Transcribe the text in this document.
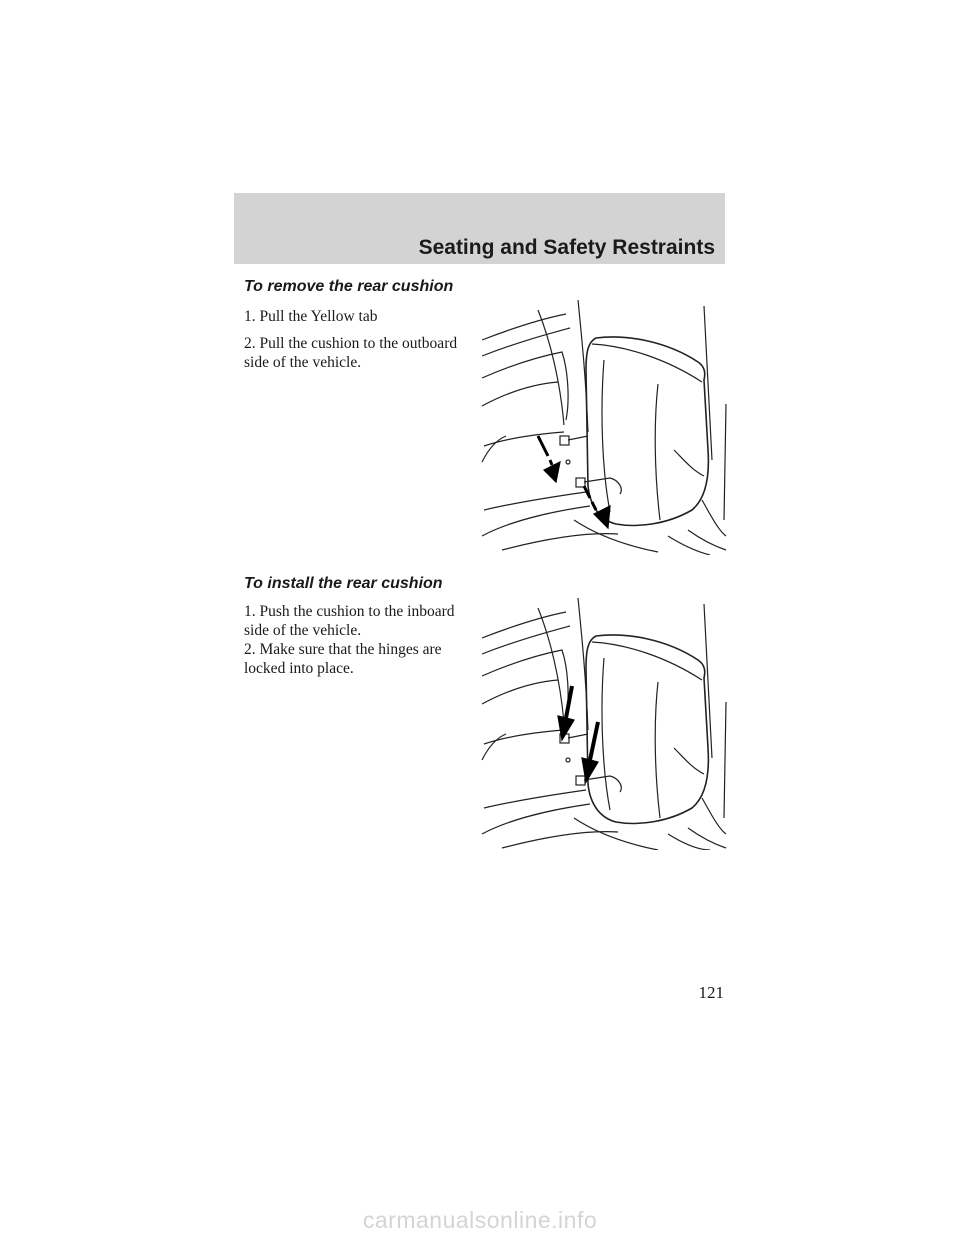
Seating and Safety Restraints
To remove the rear cushion

1. Pull the Yellow tab

2. Pull the cushion to the outboard side of the vehicle.

To install the rear cushion

1. Push the cushion to the inboard side of the vehicle.

2. Make sure that the hinges are locked into place.

121
carmanualsonline.info
